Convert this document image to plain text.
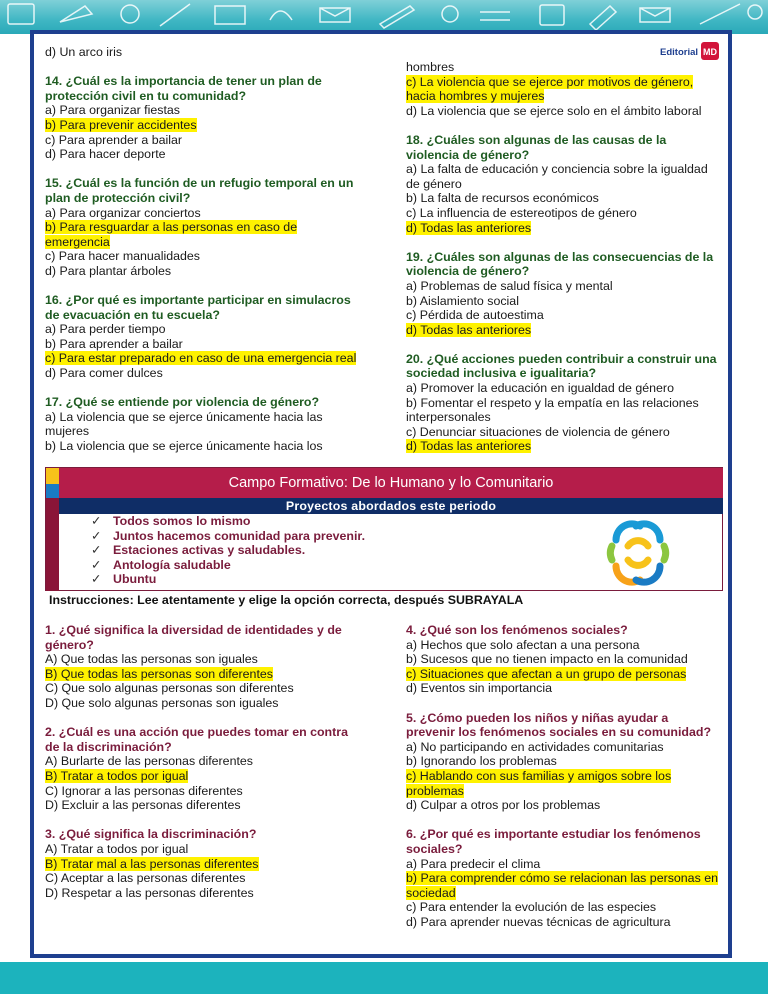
Editorial MD
d) Un arco iris
14. ¿Cuál es la importancia de tener un plan de
protección civil en tu comunidad?
a) Para organizar fiestas
b) Para prevenir accidentes
c) Para aprender a bailar
d) Para hacer deporte
15. ¿Cuál es la función de un refugio temporal en un
plan de protección civil?
a) Para organizar conciertos
b) Para resguardar a las personas en caso de
emergencia
c) Para hacer manualidades
d) Para plantar árboles
16. ¿Por qué es importante participar en simulacros
de evacuación en tu escuela?
a) Para perder tiempo
b) Para aprender a bailar
c) Para estar preparado en caso de una emergencia real
d) Para comer dulces
17. ¿Qué se entiende por violencia de género?
a) La violencia que se ejerce únicamente hacia las
mujeres
b) La violencia que se ejerce únicamente hacia los
hombres
c) La violencia que se ejerce por motivos de género,
hacia hombres y mujeres
d) La violencia que se ejerce solo en el ámbito laboral
18. ¿Cuáles son algunas de las causas de la
violencia de género?
a) La falta de educación y conciencia sobre la igualdad
de género
b) La falta de recursos económicos
c) La influencia de estereotipos de género
d) Todas las anteriores
19. ¿Cuáles son algunas de las consecuencias de la
violencia de género?
a) Problemas de salud física y mental
b) Aislamiento social
c) Pérdida de autoestima
d) Todas las anteriores
20. ¿Qué acciones pueden contribuir a construir una
sociedad inclusiva e igualitaria?
a) Promover la educación en igualdad de género
b) Fomentar el respeto y la empatía en las relaciones
interpersonales
c) Denunciar situaciones de violencia de género
d) Todas las anteriores
Campo Formativo: De lo Humano y lo Comunitario
Proyectos abordados este periodo
✓ Todos somos lo mismo
✓ Juntos hacemos comunidad para prevenir.
✓ Estaciones activas y saludables.
✓ Antología saludable
✓ Ubuntu
Instrucciones: Lee atentamente y elige la opción correcta, después SUBRAYALA
1. ¿Qué significa la diversidad de identidades y de
género?
A) Que todas las personas son iguales
B) Que todas las personas son diferentes
C) Que solo algunas personas son diferentes
D) Que solo algunas personas son iguales
2. ¿Cuál es una acción que puedes tomar en contra
de la discriminación?
A) Burlarte de las personas diferentes
B) Tratar a todos por igual
C) Ignorar a las personas diferentes
D) Excluir a las personas diferentes
3. ¿Qué significa la discriminación?
A) Tratar a todos por igual
B) Tratar mal a las personas diferentes
C) Aceptar a las personas diferentes
D) Respetar a las personas diferentes
4. ¿Qué son los fenómenos sociales?
a) Hechos que solo afectan a una persona
b) Sucesos que no tienen impacto en la comunidad
c) Situaciones que afectan a un grupo de personas
d) Eventos sin importancia
5. ¿Cómo pueden los niños y niñas ayudar a
prevenir los fenómenos sociales en su comunidad?
a) No participando en actividades comunitarias
b) Ignorando los problemas
c) Hablando con sus familias y amigos sobre los
problemas
d) Culpar a otros por los problemas
6. ¿Por qué es importante estudiar los fenómenos
sociales?
a) Para predecir el clima
b) Para comprender cómo se relacionan las personas en
sociedad
c) Para entender la evolución de las especies
d) Para aprender nuevas técnicas de agricultura
